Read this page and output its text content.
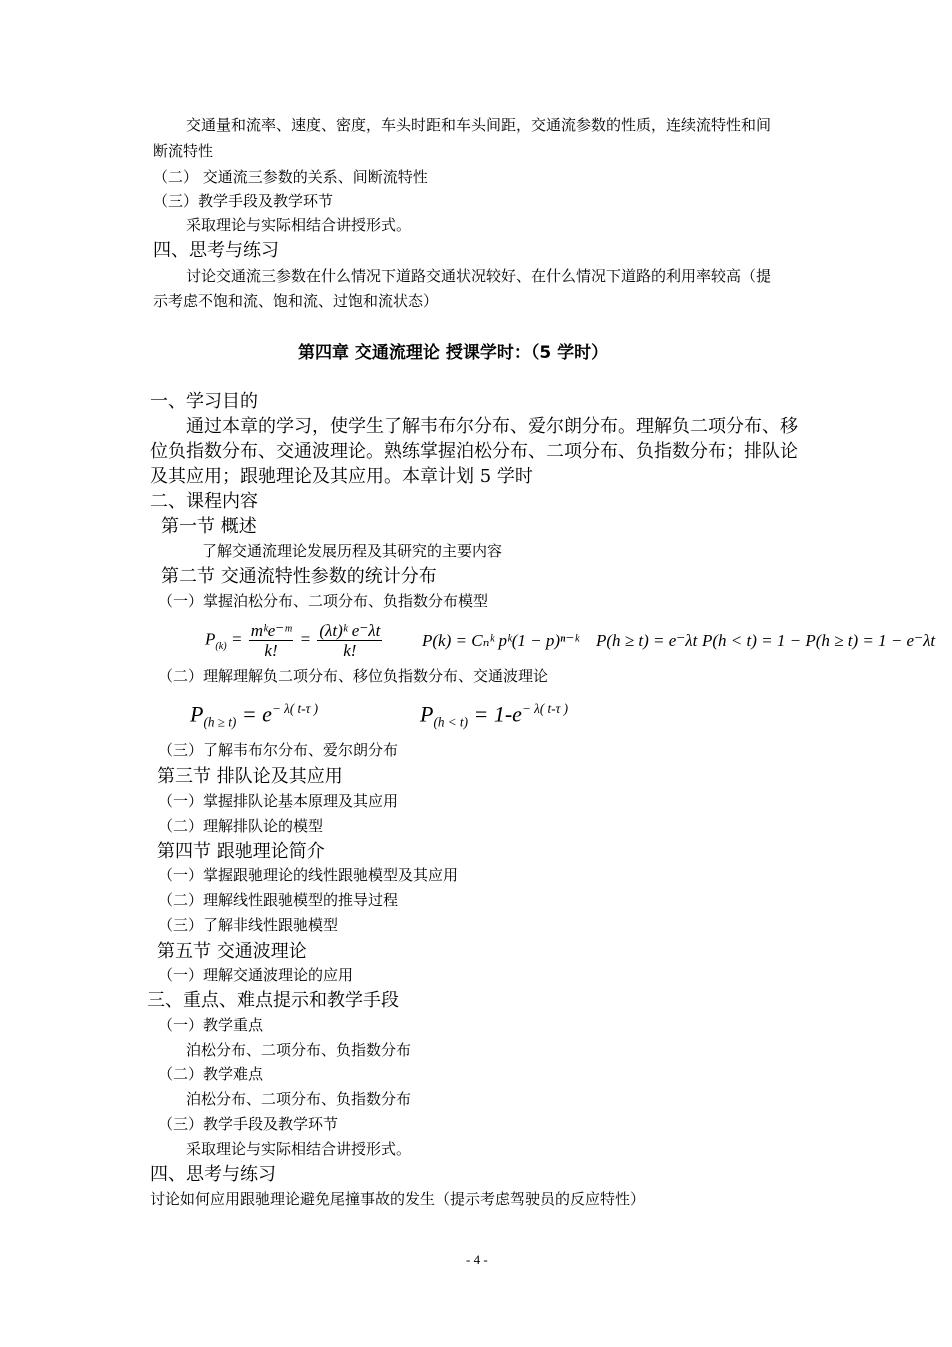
交通量和流率、速度、密度，车头时距和车头间距，交通流参数的性质，连续流特性和间
断流特性
（二） 交通流三参数的关系、间断流特性
（三）教学手段及教学环节
采取理论与实际相结合讲授形式。
四、思考与练习
讨论交通流三参数在什么情况下道路交通状况较好、在什么情况下道路的利用率较高（提
示考虑不饱和流、饱和流、过饱和流状态）
第四章 交通流理论 授课学时：（5 学时）
一、学习目的
通过本章的学习，使学生了解韦布尔分布、爱尔朗分布。理解负二项分布、移
位负指数分布、交通波理论。熟练掌握泊松分布、二项分布、负指数分布；排队论
及其应用；跟驰理论及其应用。本章计划 5 学时
二、课程内容
第一节 概述
了解交通流理论发展历程及其研究的主要内容
第二节 交通流特性参数的统计分布
（一）掌握泊松分布、二项分布、负指数分布模型
$P_{(k)} = \frac{\text{mᵏe⁻ᵐ}}{k!} = \frac{\text{(λt)ᵏ e⁻λt}}{k!} P(k)$ = Cₙᵏ pᵏ(1 − p)ⁿ⁻ᵏ P(h ≥ t) = e⁻λt P(h < t) = 1 − P(h ≥ t) = 1 − e⁻λt
（二）理解理解负二项分布、移位负指数分布、交通波理论
$P_{(h \ge t)} = e^{- \lambda( t-\tau )}$	$P_{(h < t)} = 1-e^{- \lambda( t-\tau )}$
（三）了解韦布尔分布、爱尔朗分布
第三节 排队论及其应用
（一）掌握排队论基本原理及其应用
（二）理解排队论的模型
第四节 跟驰理论简介
（一）掌握跟驰理论的线性跟驰模型及其应用
（二）理解线性跟驰模型的推导过程
（三）了解非线性跟驰模型
第五节 交通波理论
（一）理解交通波理论的应用
三、重点、难点提示和教学手段
（一）教学重点
泊松分布、二项分布、负指数分布
（二）教学难点
泊松分布、二项分布、负指数分布
（三）教学手段及教学环节
采取理论与实际相结合讲授形式。
四、思考与练习
讨论如何应用跟驰理论避免尾撞事故的发生（提示考虑驾驶员的反应特性）
- 4 -
